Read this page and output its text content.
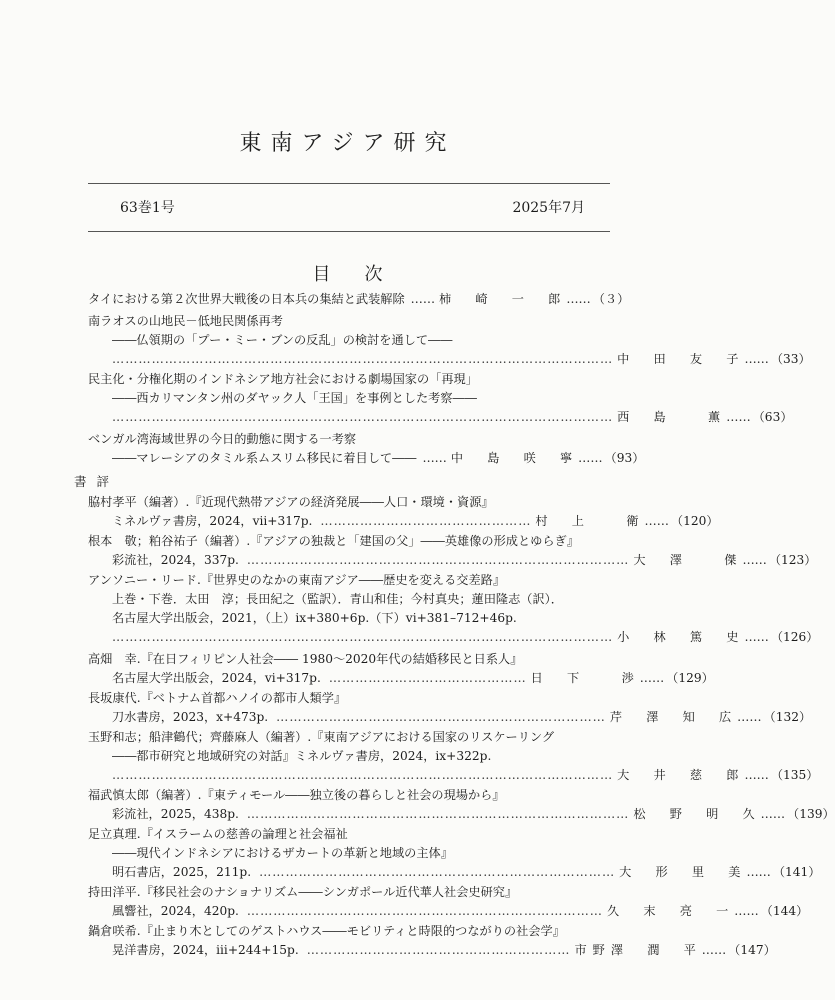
東南アジア研究
63巻1号	2025年7月
目次
タイにおける第２次世界大戦後の日本兵の集結と武装解除 …… 柿　崎　一　郎 …… （３）
南ラオスの山地民－低地民関係再考
――仏領期の「プー・ミー・ブンの反乱」の検討を通して――
…………………………………………………………………………………………………… 中　田　友　子 …… （33）
民主化・分権化期のインドネシア地方社会における劇場国家の「再現」
――西カリマンタン州のダヤック人「王国」を事例とした考察――
…………………………………………………………………………………………………… 西　島　　薫 …… （63）
ベンガル湾海域世界の今日的動態に関する一考察
――マレーシアのタミル系ムスリム移民に着目して―― …… 中　島　咲　寧 …… （93）
書評
脇村孝平（編著）.『近现代熱帯アジアの経済発展――人口・環境・資源』
ミネルヴァ書房，2024，vii+317p. ………………………………………… 村　上　　衛 …… （120）
根本　敬；粕谷祐子（編著）.『アジアの独裁と「建国の父」――英雄像の形成とゆらぎ』
彩流社，2024，337p. …………………………………………………………………………… 大　澤　　傑 …… （123）
アンソニー・リード.『世界史のなかの東南アジア――歴史を変える交差路』
上巻・下巻．太田　淳；長田紀之（監訳）．青山和佳；今村真央；蓮田隆志（訳）．
名古屋大学出版会，2021，（上）ix+380+6p.（下）vi+381–712+46p.
…………………………………………………………………………………………………… 小　林　篤　史 …… （126）
高畑　幸.『在日フィリピン人社会―― 1980～2020年代の結婚移民と日系人』
名古屋大学出版会，2024，vi+317p. ……………………………………… 日　下　　渉 …… （129）
長坂康代.『ベトナム首都ハノイの都市人類学』
刀水書房，2023，x+473p. ………………………………………………………………… 芹　澤　知　広 …… （132）
玉野和志；船津鶴代；齊藤麻人（編著）.『東南アジアにおける国家のリスケーリング
――都市研究と地域研究の対話』ミネルヴァ書房，2024，ix+322p.
…………………………………………………………………………………………………… 大　井　慈　郎 …… （135）
福武慎太郎（編著）.『東ティモール――独立後の暮らしと社会の現場から』
彩流社，2025，438p. …………………………………………………………………………… 松　野　明　久 …… （139）
足立真理.『イスラームの慈善の論理と社会福祉
――現代インドネシアにおけるザカートの革新と地域の主体』
明石書店，2025，211p. ……………………………………………………………………… 大　形　里　美 …… （141）
持田洋平.『移民社会のナショナリズム――シンガポール近代華人社会史研究』
風響社，2024，420p. ……………………………………………………………………… 久　末　亮　一 …… （144）
鍋倉咲希.『止まり木としてのゲストハウス――モビリティと時限的つながりの社会学』
晃洋書房，2024，iii+244+15p. …………………………………………………… 市野澤　潤　平 …… （147）
